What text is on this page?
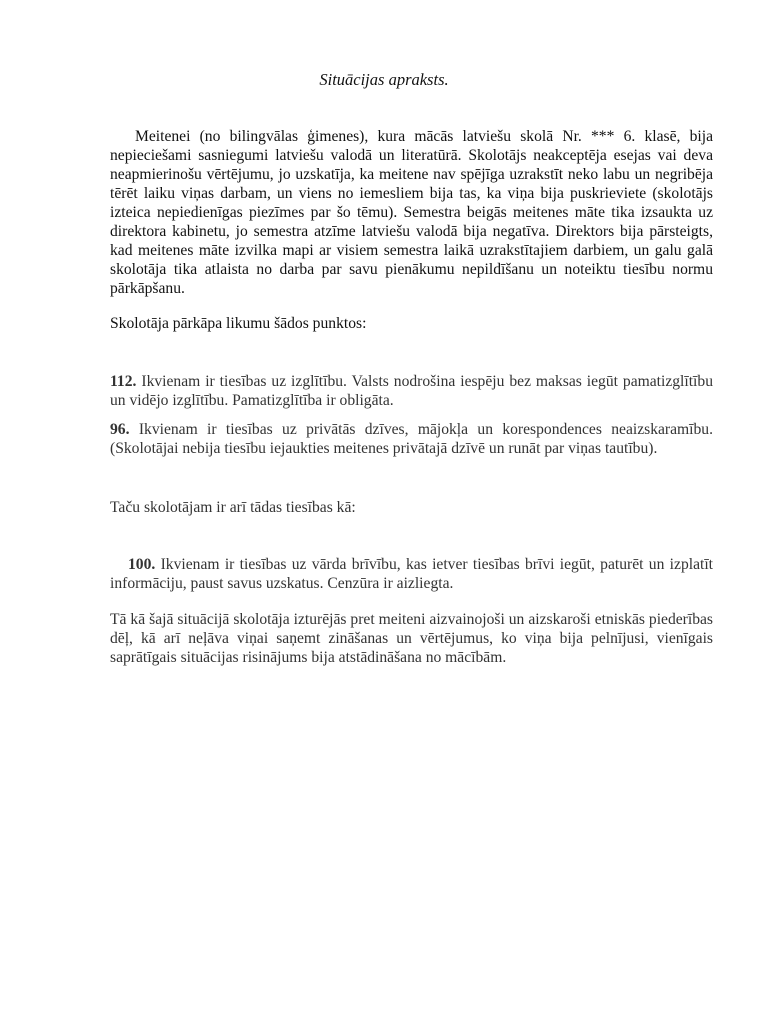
Situācijas apraksts.

Meitenei (no bilingvālas ģimenes), kura mācās latviešu skolā Nr. *** 6. klasē, bija nepieciešami sasniegumi latviešu valodā un literatūrā. Skolotājs neakceptēja esejas vai deva neapmierinošu vērtējumu, jo uzskatīja, ka meitene nav spējīga uzrakstīt neko labu un negribēja tērēt laiku viņas darbam, un viens no iemesliem bija tas, ka viņa bija puskrieviete (skolotājs izteica nepiedienīgas piezīmes par šo tēmu). Semestra beigās meitenes māte tika izsaukta uz direktora kabinetu, jo semestra atzīme latviešu valodā bija negatīva. Direktors bija pārsteigts, kad meitenes māte izvilka mapi ar visiem semestra laikā uzrakstītajiem darbiem, un galu galā skolotāja tika atlaista no darba par savu pienākumu nepildīšanu un noteiktu tiesību normu pārkāpšanu.

Skolotāja pārkāpa likumu šādos punktos:

112. Ikvienam ir tiesības uz izglītību. Valsts nodrošina iespēju bez maksas iegūt pamatizglītību un vidējo izglītību. Pamatizglītība ir obligāta.

96. Ikvienam ir tiesības uz privātās dzīves, mājokļa un korespondences neaizskaramību. (Skolotājai nebija tiesību iejaukties meitenes privātajā dzīvē un runāt par viņas tautību).

Taču skolotājam ir arī tādas tiesības kā:

100. Ikvienam ir tiesības uz vārda brīvību, kas ietver tiesības brīvi iegūt, paturēt un izplatīt informāciju, paust savus uzskatus. Cenzūra ir aizliegta.

Tā kā šajā situācijā skolotāja izturējās pret meiteni aizvainojoši un aizskaroši etniskās piederības dēļ, kā arī neļāva viņai saņemt zināšanas un vērtējumus, ko viņa bija pelnījusi, vienīgais saprātīgais situācijas risinājums bija atstādināšana no mācībām.
